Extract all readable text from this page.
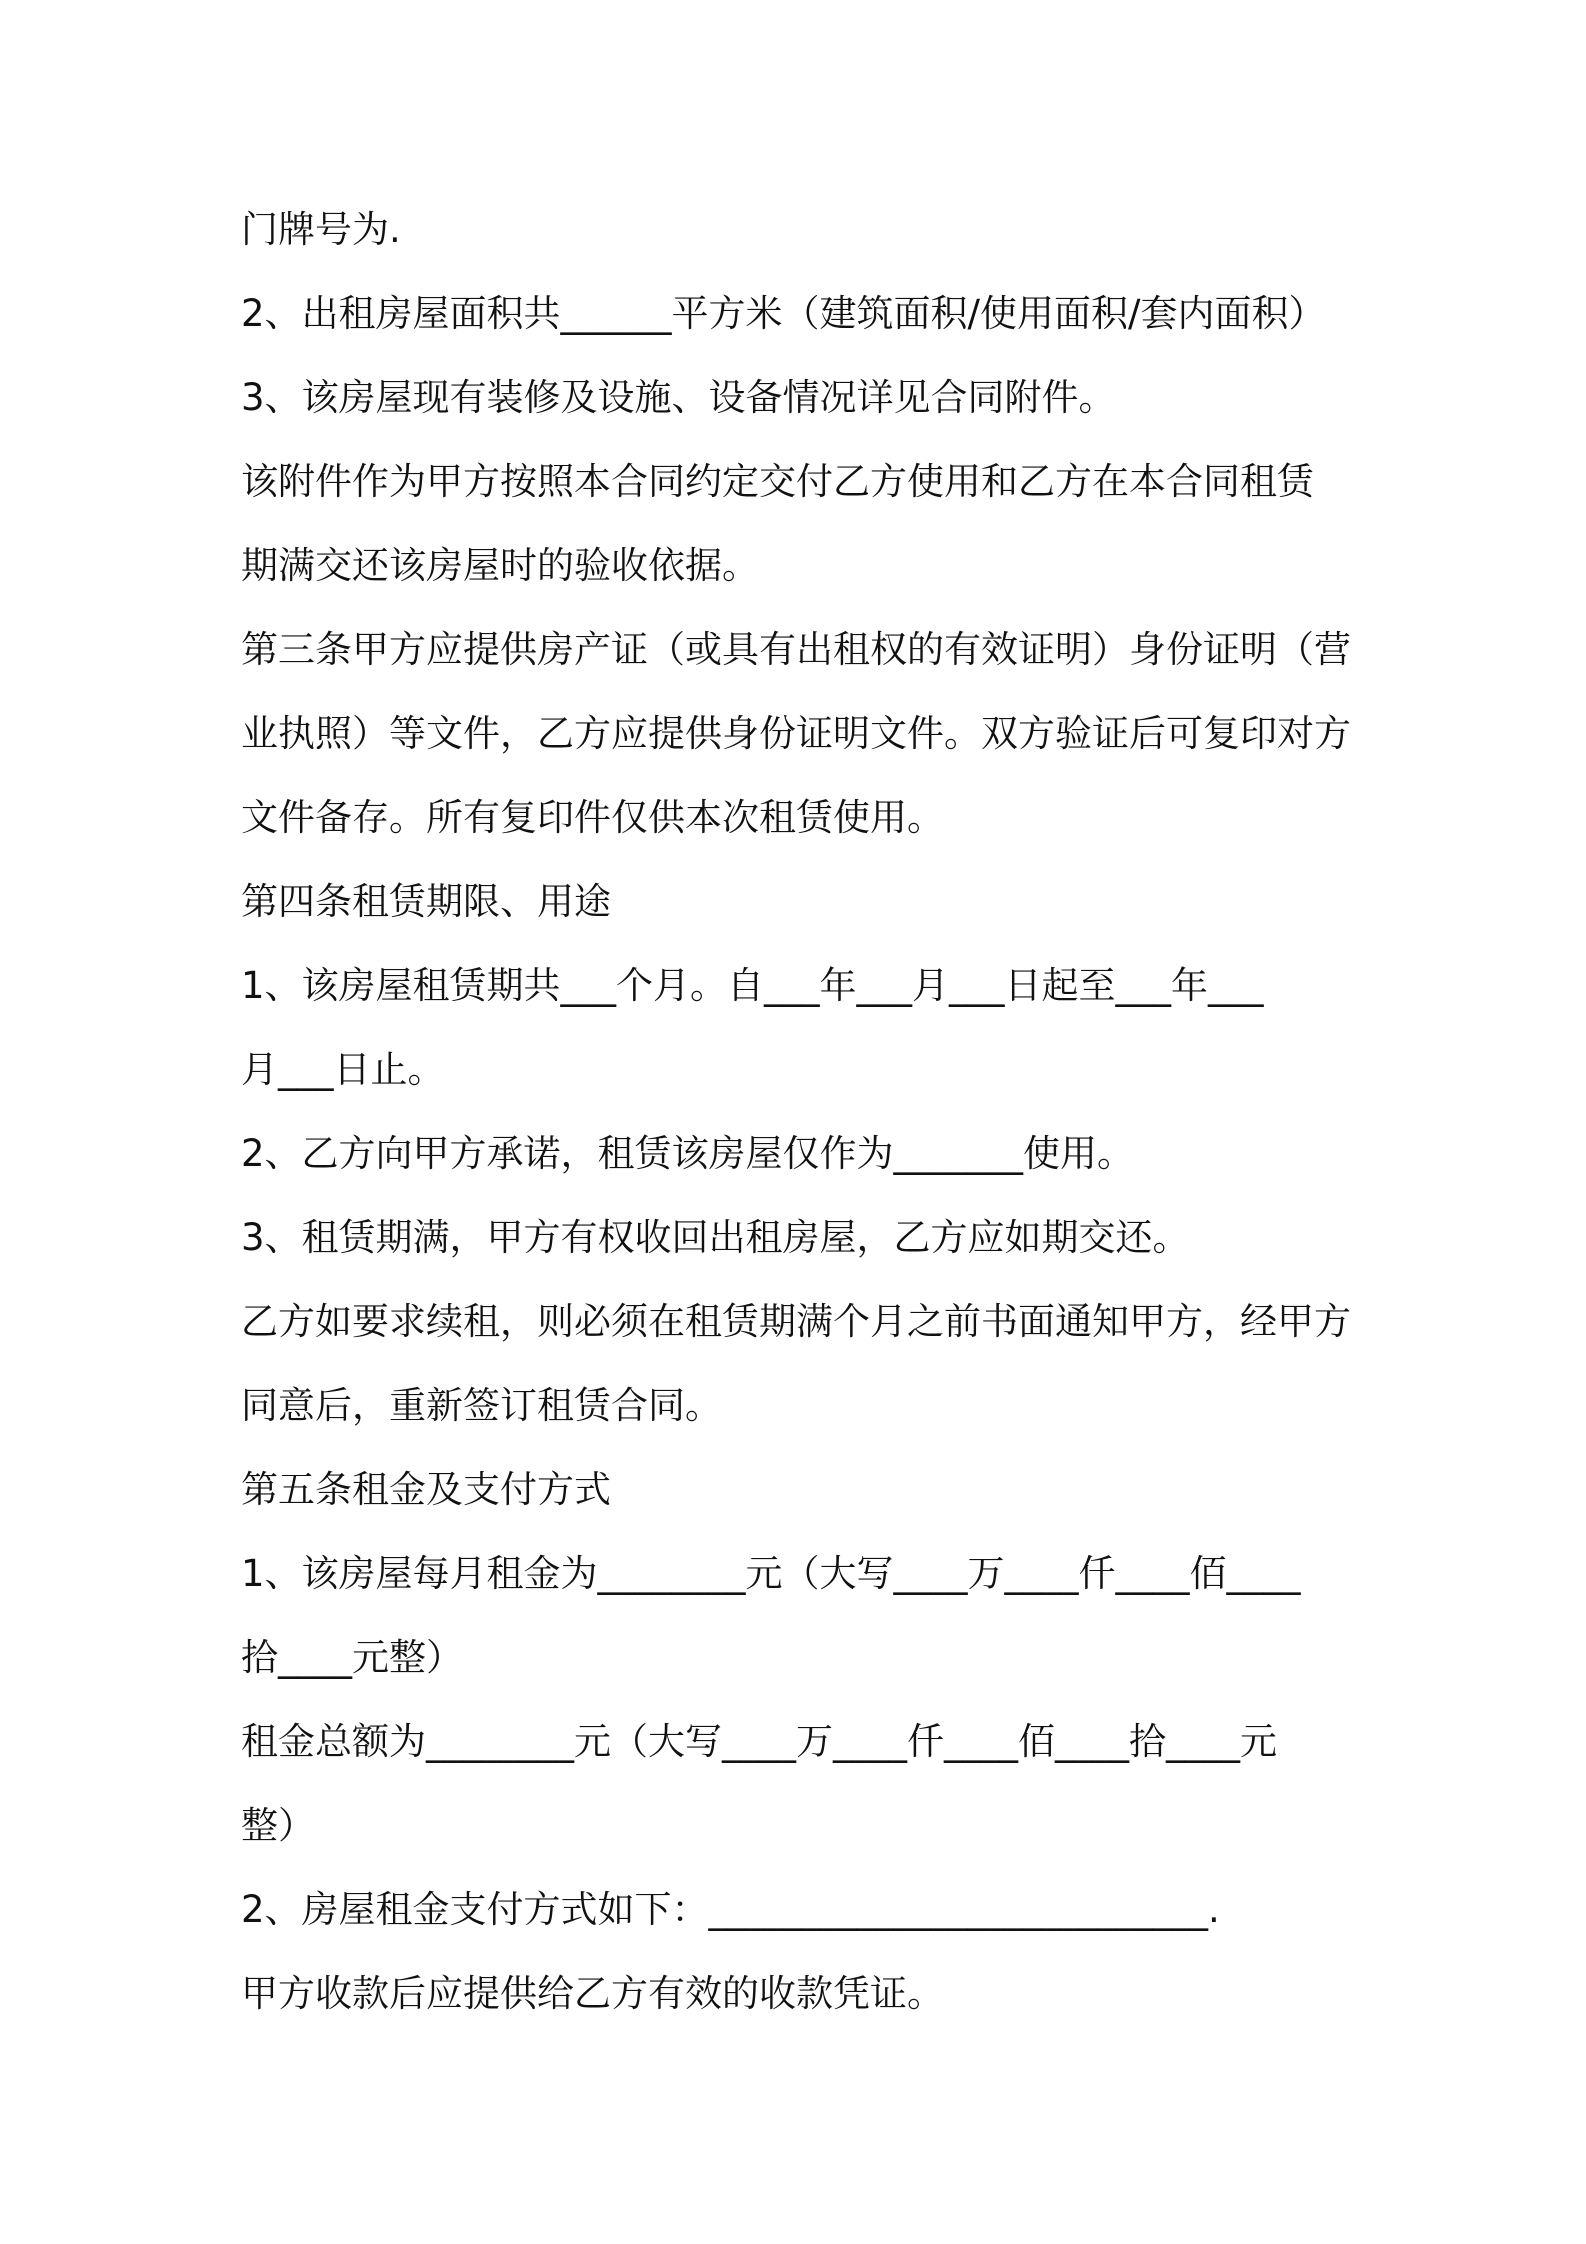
门牌号为.
2、出租房屋面积共______平方米（建筑面积/使用面积/套内面积）
3、该房屋现有装修及设施、设备情况详见合同附件。
该附件作为甲方按照本合同约定交付乙方使用和乙方在本合同租赁
期满交还该房屋时的验收依据。
第三条甲方应提供房产证（或具有出租权的有效证明）身份证明（营
业执照）等文件，乙方应提供身份证明文件。双方验证后可复印对方
文件备存。所有复印件仅供本次租赁使用。
第四条租赁期限、用途
1、该房屋租赁期共___个月。自___年___月___日起至___年___
月___日止。
2、乙方向甲方承诺，租赁该房屋仅作为_______使用。
3、租赁期满，甲方有权收回出租房屋，乙方应如期交还。
乙方如要求续租，则必须在租赁期满个月之前书面通知甲方，经甲方
同意后，重新签订租赁合同。
第五条租金及支付方式
1、该房屋每月租金为________元（大写____万____仟____佰____
拾____元整）
租金总额为________元（大写____万____仟____佰____拾____元
整）
2、房屋租金支付方式如下：___________________________.
甲方收款后应提供给乙方有效的收款凭证。
